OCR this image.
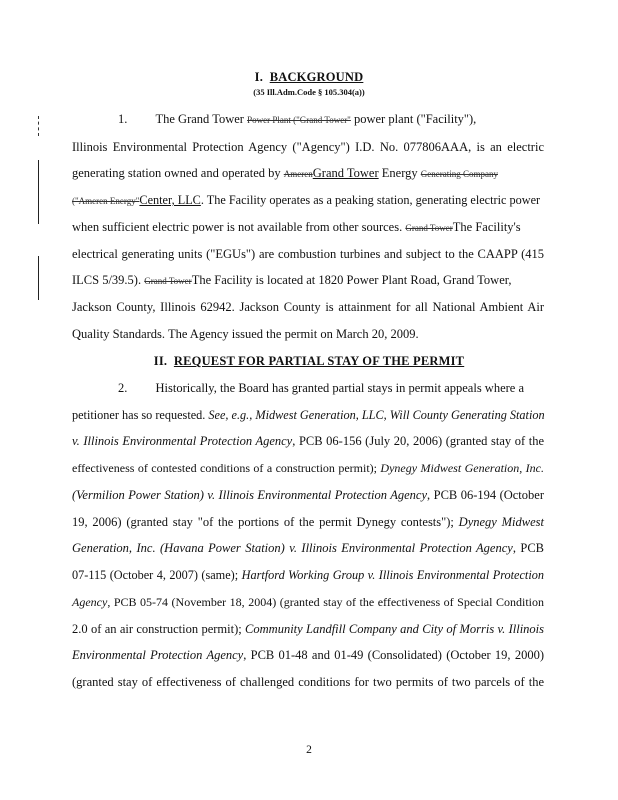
I. BACKGROUND
(35 Ill.Adm.Code § 105.304(a))
1. The Grand Tower Power Plant ("Grand Tower" power plant ("Facility"),
Illinois Environmental Protection Agency ("Agency") I.D. No. 077806AAA, is an electric
generating station owned and operated by AmerenGrand Tower Energy Generating Company
("Ameren Energy"Center, LLC. The Facility operates as a peaking station, generating electric power
when sufficient electric power is not available from other sources. Grand TowerThe Facility's
electrical generating units ("EGUs") are combustion turbines and subject to the CAAPP (415
ILCS 5/39.5). Grand TowerThe Facility is located at 1820 Power Plant Road, Grand Tower,
Jackson County, Illinois 62942. Jackson County is attainment for all National Ambient Air
Quality Standards. The Agency issued the permit on March 20, 2009.
II. REQUEST FOR PARTIAL STAY OF THE PERMIT
2. Historically, the Board has granted partial stays in permit appeals where a
petitioner has so requested. See, e.g., Midwest Generation, LLC, Will County Generating Station
v. Illinois Environmental Protection Agency, PCB 06-156 (July 20, 2006) (granted stay of the
effectiveness of contested conditions of a construction permit); Dynegy Midwest Generation, Inc.
(Vermilion Power Station) v. Illinois Environmental Protection Agency, PCB 06-194 (October
19, 2006) (granted stay "of the portions of the permit Dynegy contests"); Dynegy Midwest
Generation, Inc. (Havana Power Station) v. Illinois Environmental Protection Agency, PCB
07-115 (October 4, 2007) (same); Hartford Working Group v. Illinois Environmental Protection
Agency, PCB 05-74 (November 18, 2004) (granted stay of the effectiveness of Special Condition
2.0 of an air construction permit); Community Landfill Company and City of Morris v. Illinois
Environmental Protection Agency, PCB 01-48 and 01-49 (Consolidated) (October 19, 2000)
(granted stay of effectiveness of challenged conditions for two permits of two parcels of the
2
